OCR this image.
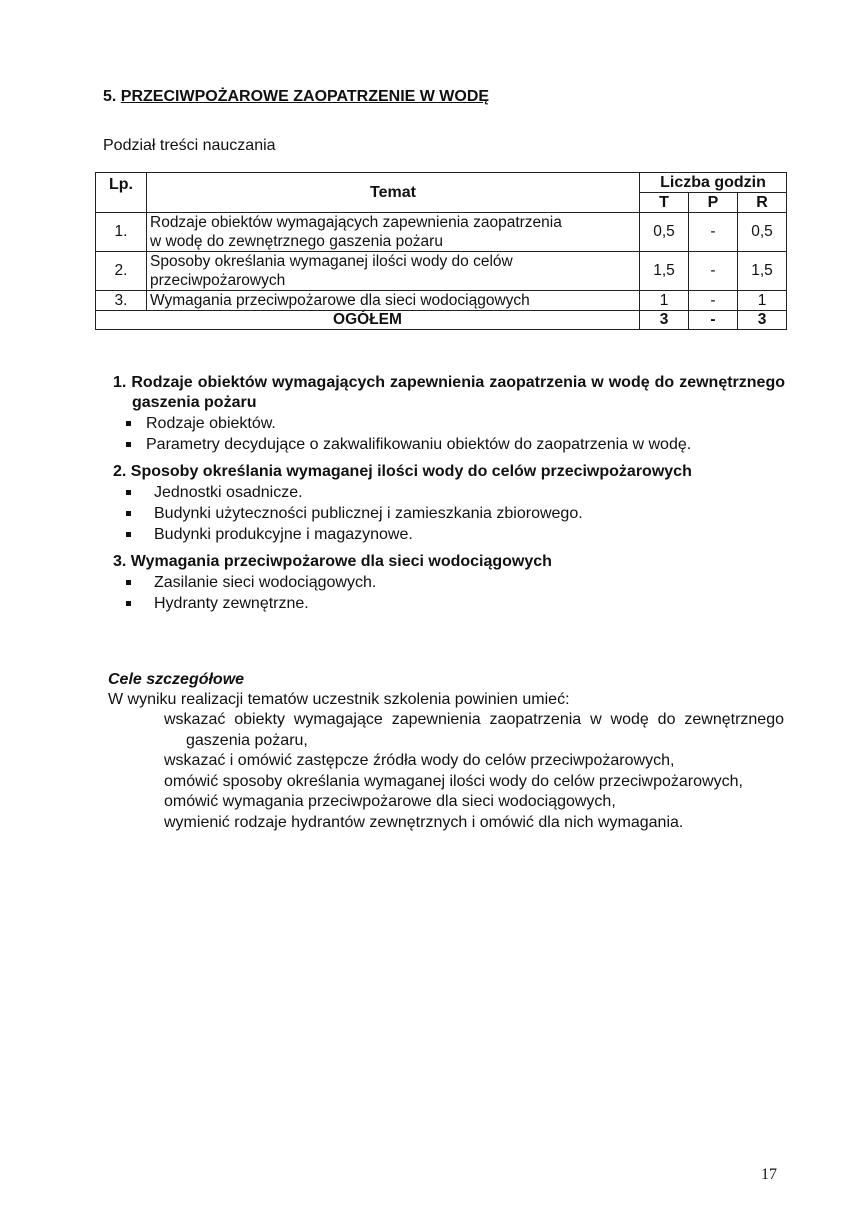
5. PRZECIWPOŻAROWE ZAOPATRZENIE W WODĘ
Podział treści nauczania
Lp.	Temat	Liczba godzin		
		T	P	R
1.	Rodzaje obiektów wymagających zapewnienia zaopatrzenia
w wodę do zewnętrznego gaszenia pożaru	0,5	-	0,5
2.	Sposoby określania wymaganej ilości wody do celów
przeciwpożarowych	1,5	-	1,5
3.	Wymagania przeciwpożarowe dla sieci wodociągowych	1	-	1
OGÓŁEM		3	-	3
1. Rodzaje obiektów wymagających zapewnienia zaopatrzenia w wodę do zewnętrznego gaszenia pożaru
Rodzaje obiektów.
Parametry decydujące o zakwalifikowaniu obiektów do zaopatrzenia w wodę.
2. Sposoby określania wymaganej ilości wody do celów przeciwpożarowych
Jednostki osadnicze.
Budynki użyteczności publicznej i zamieszkania zbiorowego.
Budynki produkcyjne i magazynowe.
3. Wymagania przeciwpożarowe dla sieci wodociągowych
Zasilanie sieci wodociągowych.
Hydranty zewnętrzne.
Cele szczegółowe
W wyniku realizacji tematów uczestnik szkolenia powinien umieć:
wskazać obiekty wymagające zapewnienia zaopatrzenia w wodę do zewnętrznego gaszenia pożaru,
wskazać i omówić zastępcze źródła wody do celów przeciwpożarowych,
omówić sposoby określania wymaganej ilości wody do celów przeciwpożarowych,
omówić wymagania przeciwpożarowe dla sieci wodociągowych,
wymienić rodzaje hydrantów zewnętrznych i omówić dla nich wymagania.
17
